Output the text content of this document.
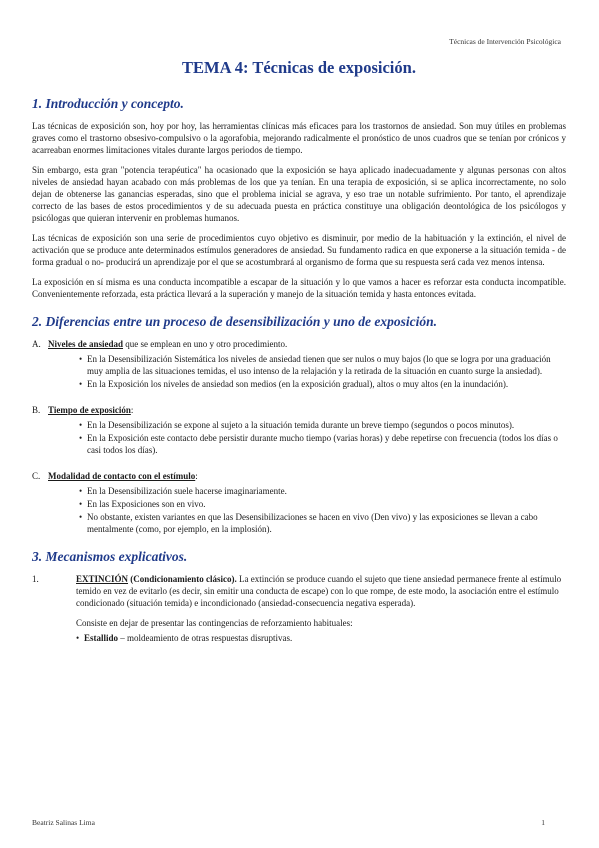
Técnicas de Intervención Psicológica
TEMA 4: Técnicas de exposición.
1. Introducción y concepto.

Las técnicas de exposición son, hoy por hoy, las herramientas clínicas más eficaces para los trastornos de ansiedad. Son muy útiles en problemas graves como el trastorno obsesivo-compulsivo o la agorafobia, mejorando radicalmente el pronóstico de unos cuadros que se tenían por crónicos y acarreaban enormes limitaciones vitales durante largos periodos de tiempo.

Sin embargo, esta gran "potencia terapéutica" ha ocasionado que la exposición se haya aplicado inadecuadamente y algunas personas con altos niveles de ansiedad hayan acabado con más problemas de los que ya tenían. En una terapia de exposición, si se aplica incorrectamente, no solo dejan de obtenerse las ganancias esperadas, sino que el problema inicial se agrava, y eso trae un notable sufrimiento. Por tanto, el aprendizaje correcto de las bases de estos procedimientos y de su adecuada puesta en práctica constituye una obligación deontológica de los psicólogos y psicólogas que quieran intervenir en problemas humanos.

Las técnicas de exposición son una serie de procedimientos cuyo objetivo es disminuir, por medio de la habituación y la extinción, el nivel de activación que se produce ante determinados estímulos generadores de ansiedad. Su fundamento radica en que exponerse a la situación temida - de forma gradual o no- producirá un aprendizaje por el que se acostumbrará al organismo de forma que su respuesta será cada vez menos intensa.

La exposición en sí misma es una conducta incompatible a escapar de la situación y lo que vamos a hacer es reforzar esta conducta incompatible. Convenientemente reforzada, esta práctica llevará a la superación y manejo de la situación temida y hasta entonces evitada.

2. Diferencias entre un proceso de desensibilización y uno de exposición.
A. Niveles de ansiedad que se emplean en uno y otro procedimiento.
• En la Desensibilización Sistemática los niveles de ansiedad tienen que ser nulos o muy bajos (lo que se logra por una graduación muy amplia de las situaciones temidas, el uso intenso de la relajación y la retirada de la situación en cuanto surge la ansiedad).
• En la Exposición los niveles de ansiedad son medios (en la exposición gradual), altos o muy altos (en la inundación).
B. Tiempo de exposición:
• En la Desensibilización se expone al sujeto a la situación temida durante un breve tiempo (segundos o pocos minutos).
• En la Exposición este contacto debe persistir durante mucho tiempo (varias horas) y debe repetirse con frecuencia (todos los días o casi todos los días).
C. Modalidad de contacto con el estímulo:
• En la Desensibilización suele hacerse imaginariamente.
• En las Exposiciones son en vivo.
• No obstante, existen variantes en que las Desensibilizaciones se hacen en vivo (Den vivo) y las exposiciones se llevan a cabo mentalmente (como, por ejemplo, en la implosión).
3. Mecanismos explicativos.
1.	EXTINCIÓN (Condicionamiento clásico). La extinción se produce cuando el sujeto que tiene ansiedad permanece frente al estímulo temido en vez de evitarlo (es decir, sin emitir una conducta de escape) con lo que rompe, de este modo, la asociación entre el estímulo condicionado (situación temida) e incondicionado (ansiedad-consecuencia negativa esperada).

Consiste en dejar de presentar las contingencias de reforzamiento habituales:

• Estallido – moldeamiento de otras respuestas disruptivas.
Beatriz Salinas Lima	1
